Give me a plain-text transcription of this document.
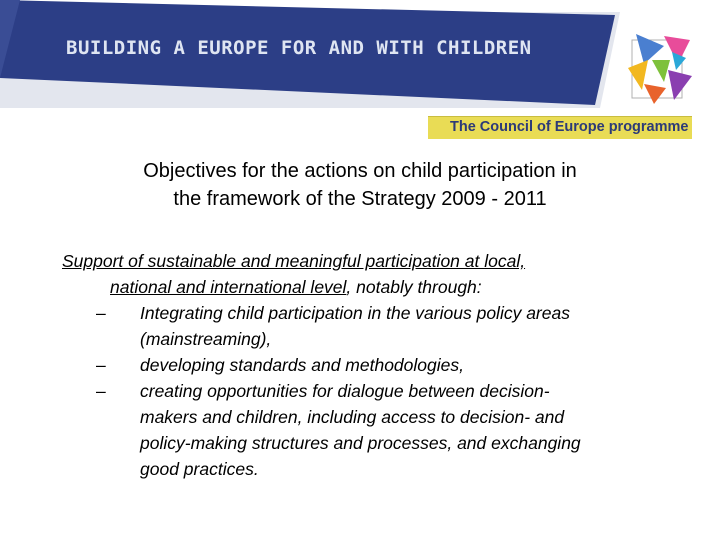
BUILDING A EUROPE FOR AND WITH CHILDREN
The Council of Europe programme
Objectives for the actions on child participation in
the framework of the Strategy 2009 - 2011
Support of sustainable and meaningful participation at local,
national and international level, notably through:
– Integrating child participation in the various policy areas
(mainstreaming),
– developing standards and methodologies,
– creating opportunities for dialogue between decision-
makers and children, including access to decision- and
policy-making structures and processes, and exchanging
good practices.
